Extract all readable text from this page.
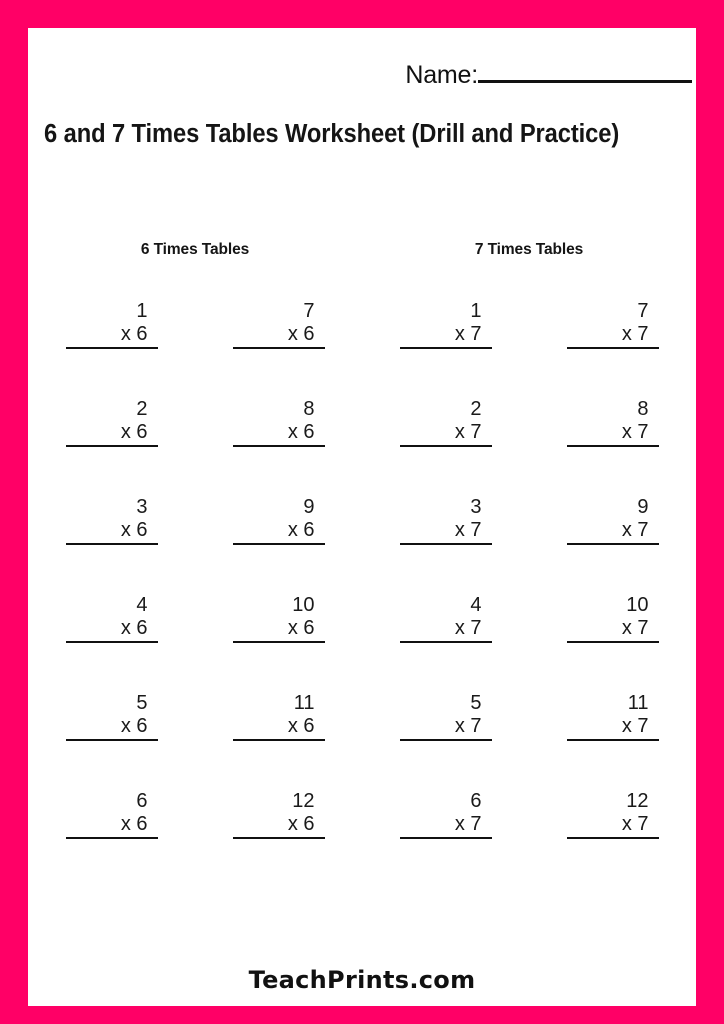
Name:
6 and 7 Times Tables Worksheet (Drill and Practice)
6 Times Tables	7 Times Tables
1
x 6
7
x 6
1
x 7
7
x 7
2
x 6
8
x 6
2
x 7
8
x 7
3
x 6
9
x 6
3
x 7
9
x 7
4
x 6
10
x 6
4
x 7
10
x 7
5
x 6
11
x 6
5
x 7
11
x 7
6
x 6
12
x 6
6
x 7
12
x 7
TeachPrints.com
